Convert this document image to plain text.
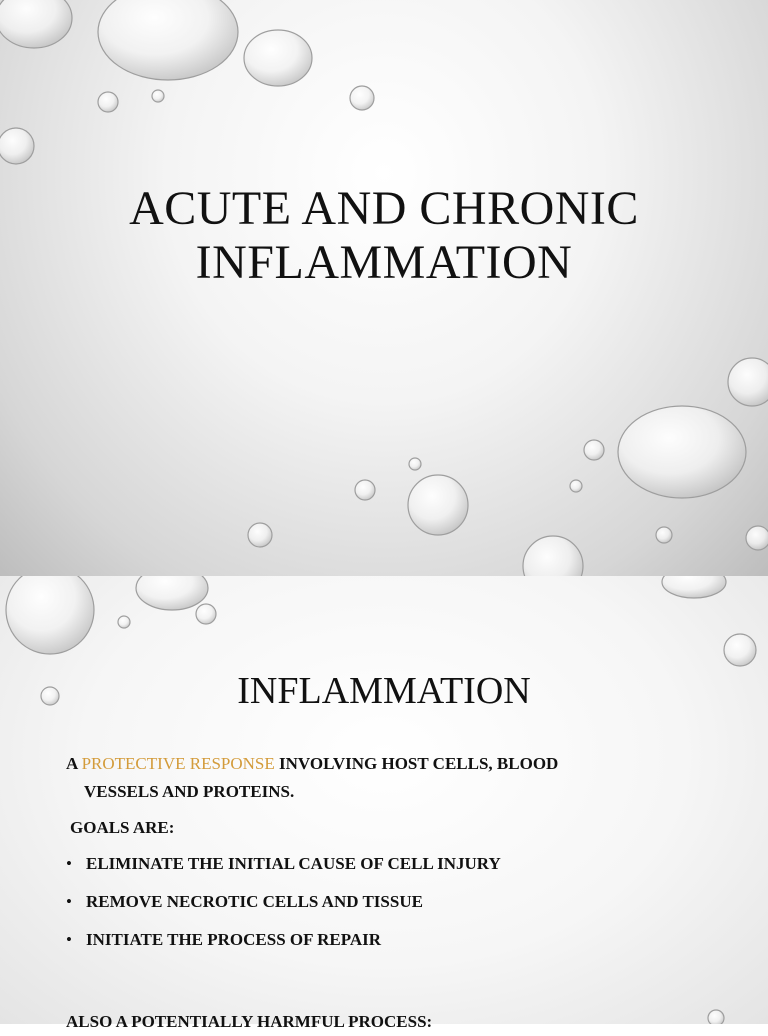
ACUTE AND CHRONIC
INFLAMMATION
INFLAMMATION

A PROTECTIVE RESPONSE INVOLVING HOST CELLS, BLOOD
VESSELS AND PROTEINS.

GOALS ARE:

• ELIMINATE THE INITIAL CAUSE OF CELL INJURY
• REMOVE NECROTIC CELLS AND TISSUE
• INITIATE THE PROCESS OF REPAIR
ALSO A POTENTIALLY HARMFUL PROCESS:
